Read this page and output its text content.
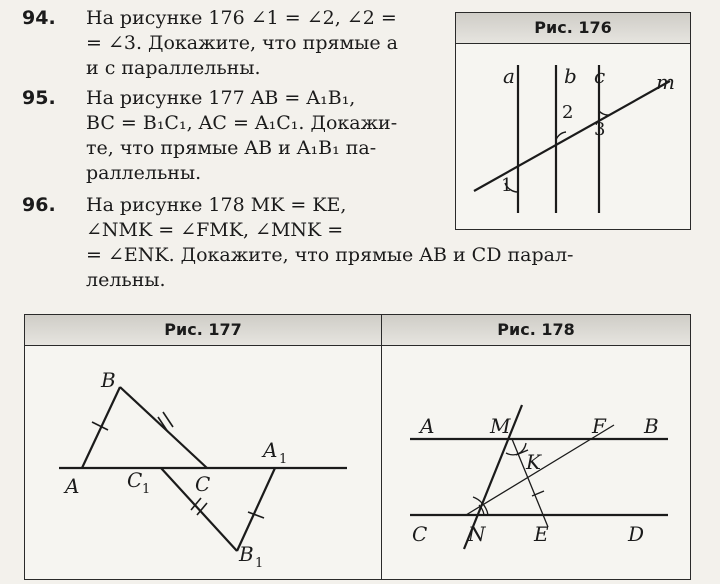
94. На рисунке 176 ∠1 = ∠2, ∠2 =
= ∠3. Докажите, что прямые a
и c параллельны.
95. На рисунке 177 AB = A₁B₁,
BC = B₁C₁, AC = A₁C₁. Докажи-
те, что прямые AB и A₁B₁ па-
раллельны.
96. На рисунке 178 MK = KE,
∠NMK = ∠FMK, ∠MNK =
= ∠ENK. Докажите, что прямые AB и CD парал-
лельны.
Рис. 176
a b c	m
1
2
3
Рис. 177
B
A C 1 C
A 1
B 1
Рис. 178
A	M	F B
K
C N E	D
